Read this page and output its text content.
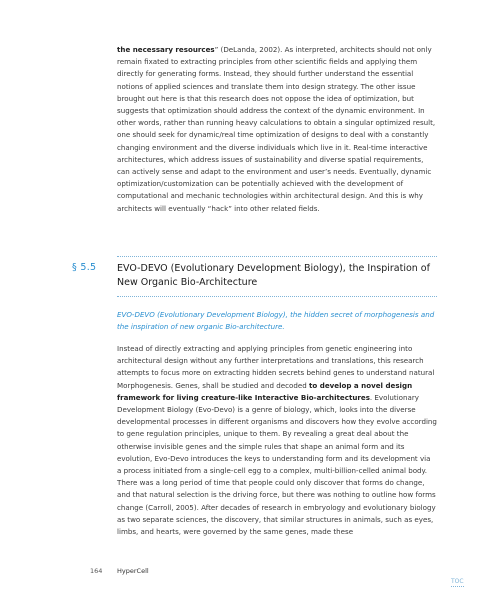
the necessary resources” (DeLanda, 2002). As interpreted, architects should not only remain fixated to extracting principles from other scientific fields and applying them directly for generating forms. Instead, they should further understand the essential notions of applied sciences and translate them into design strategy. The other issue brought out here is that this research does not oppose the idea of optimization, but suggests that optimization should address the context of the dynamic environment. In other words, rather than running heavy calculations to obtain a singular optimized result, one should seek for dynamic/real time optimization of designs to deal with a constantly changing environment and the diverse individuals which live in it. Real-time interactive architectures, which address issues of sustainability and diverse spatial requirements, can actively sense and adapt to the environment and user’s needs. Eventually, dynamic optimization/customization can be potentially achieved with the development of computational and mechanic technologies within architectural design. And this is why architects will eventually “hack” into other related fields.

§ 5.5 EVO-DEVO (Evolutionary Development Biology), the Inspiration of New Organic Bio-Architecture
EVO-DEVO (Evolutionary Development Biology), the hidden secret of morphogenesis and the inspiration of new organic Bio-architecture.

Instead of directly extracting and applying principles from genetic engineering into architectural design without any further interpretations and translations, this research attempts to focus more on extracting hidden secrets behind genes to understand natural Morphogenesis. Genes, shall be studied and decoded to develop a novel design framework for living creature-like Interactive Bio-architectures. Evolutionary Development Biology (Evo-Devo) is a genre of biology, which, looks into the diverse developmental processes in different organisms and discovers how they evolve according to gene regulation principles, unique to them. By revealing a great deal about the otherwise invisible genes and the simple rules that shape an animal form and its evolution, Evo-Devo introduces the keys to understanding form and its development via a process initiated from a single-cell egg to a complex, multi-billion-celled animal body. There was a long period of time that people could only discover that forms do change, and that natural selection is the driving force, but there was nothing to outline how forms change (Carroll, 2005). After decades of research in embryology and evolutionary biology as two separate sciences, the discovery, that similar structures in animals, such as eyes, limbs, and hearts, were governed by the same genes, made these

164 HyperCell
TOC
